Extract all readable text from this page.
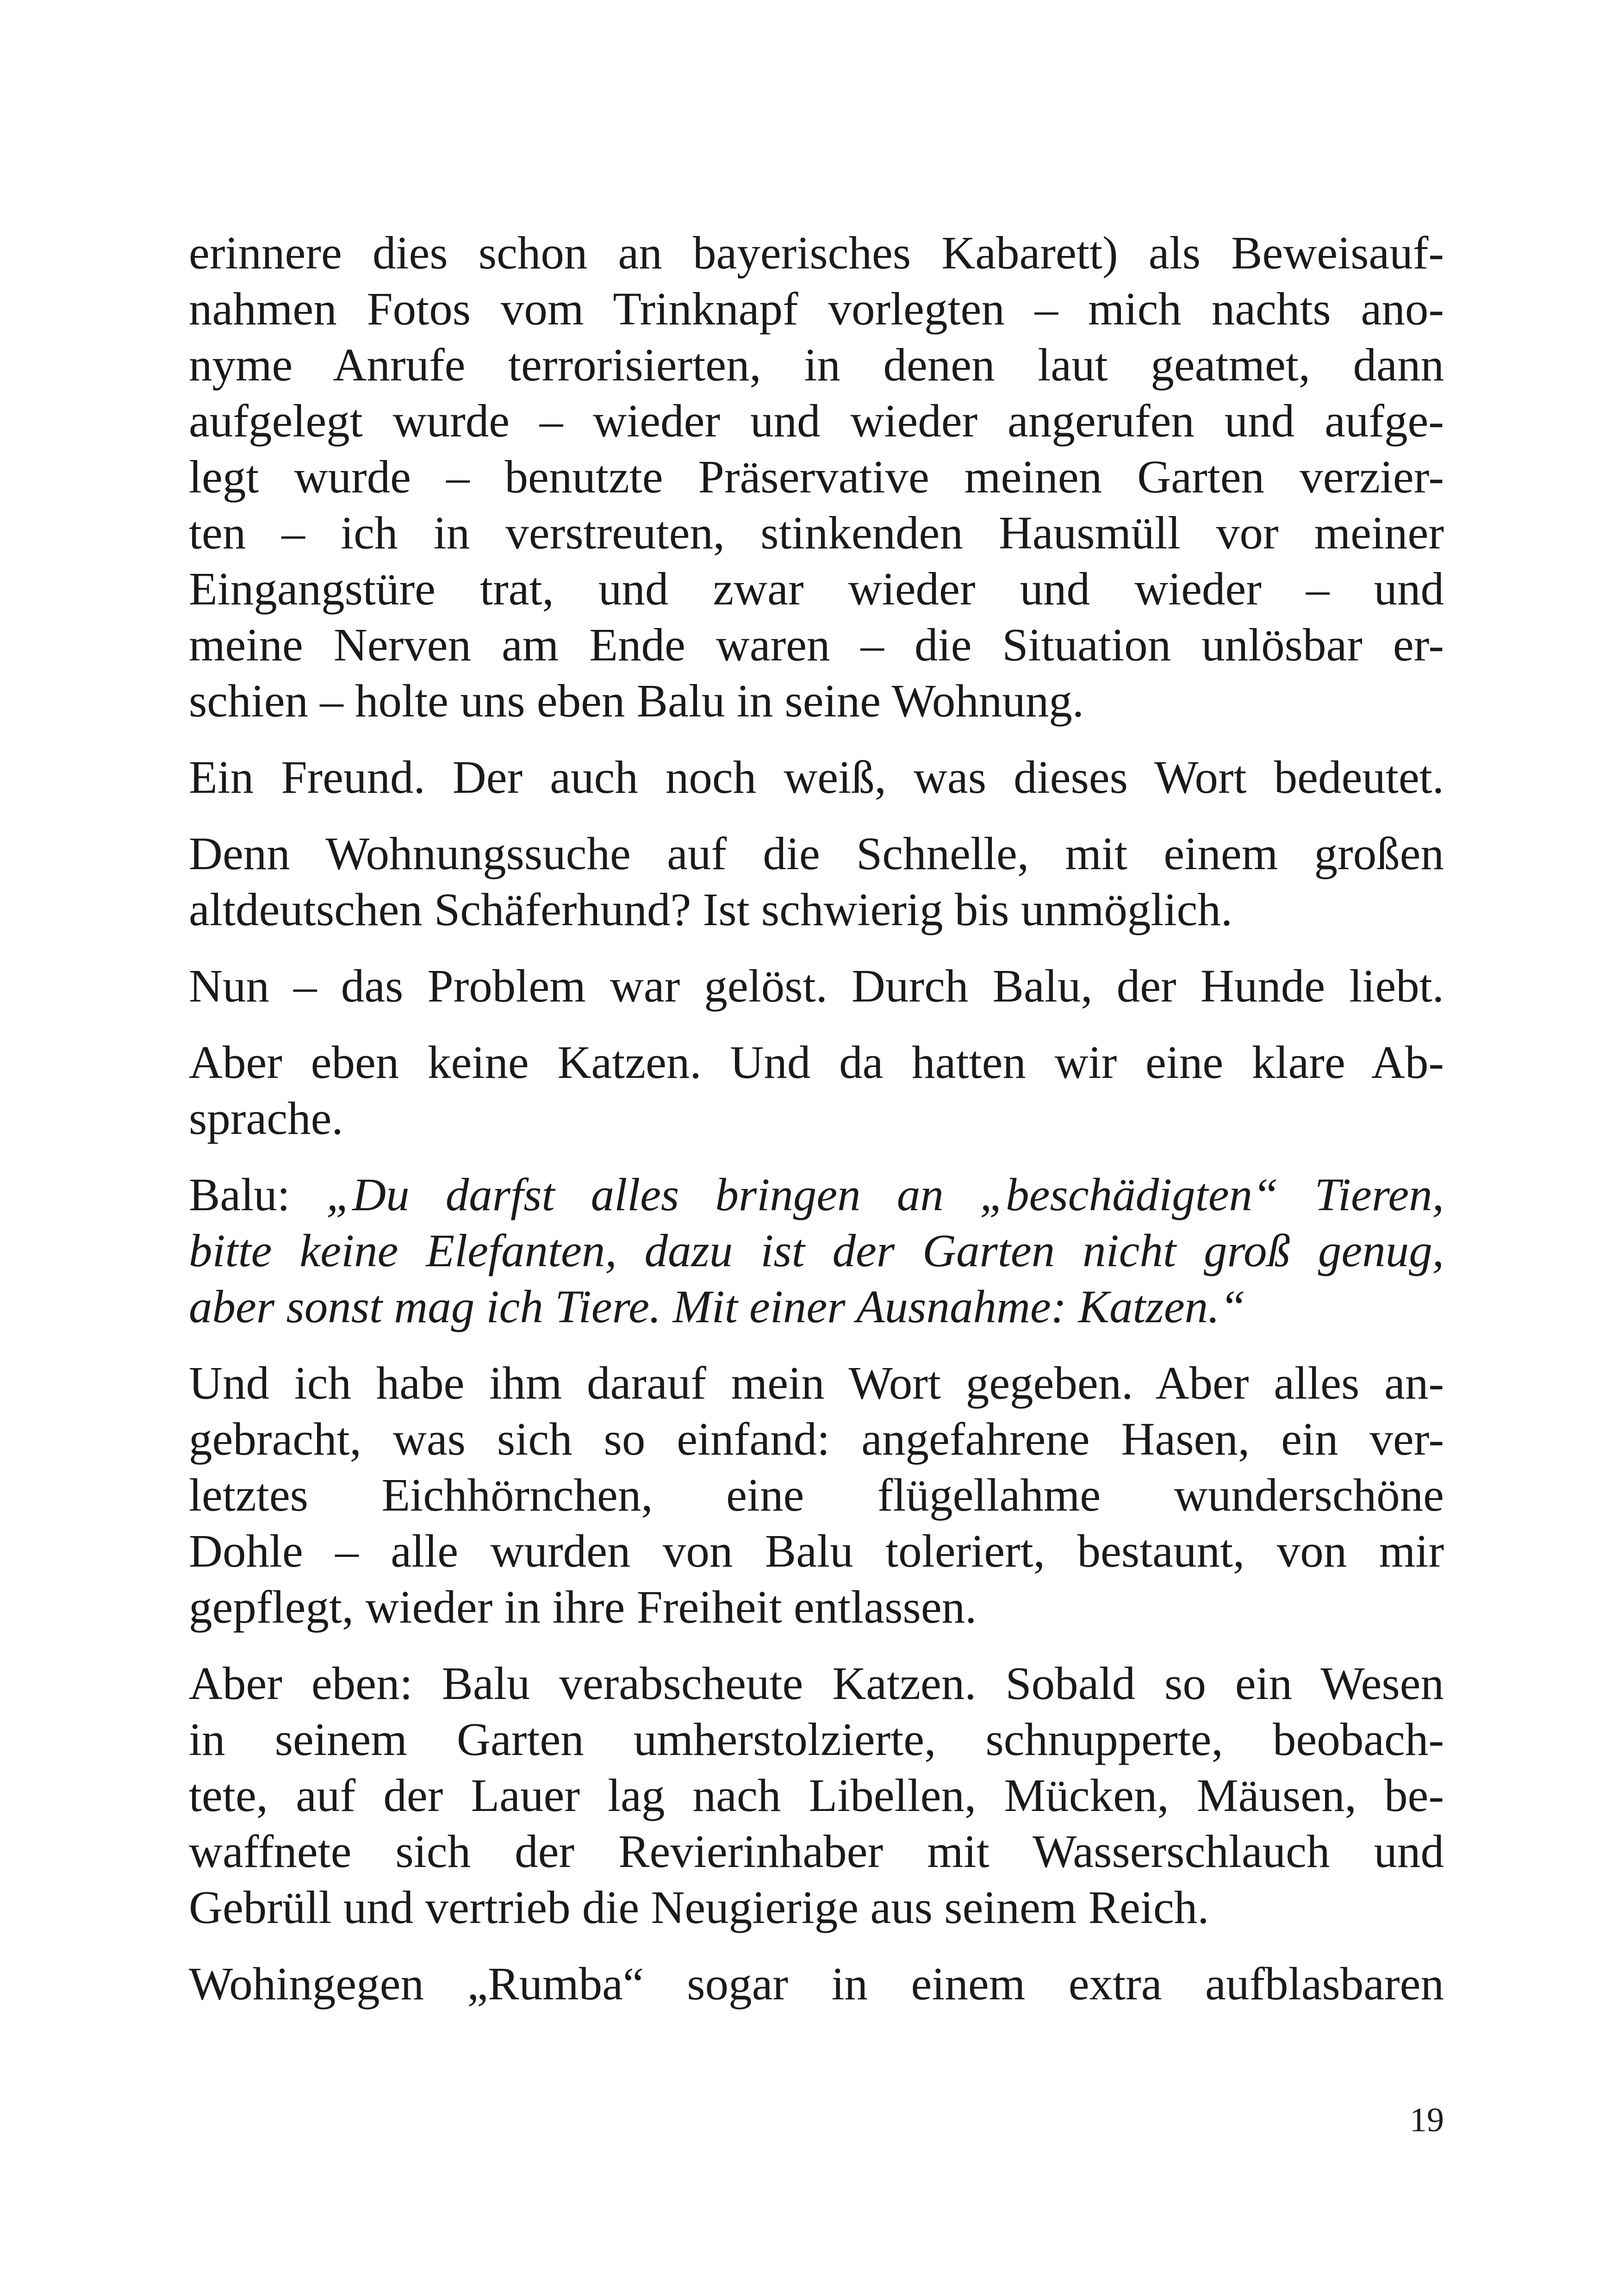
erinnere dies schon an bayerisches Kabarett) als Beweisauf-
nahmen Fotos vom Trinknapf vorlegten – mich nachts ano-
nyme Anrufe terrorisierten, in denen laut geatmet, dann
aufgelegt wurde – wieder und wieder angerufen und aufge-
legt wurde – benutzte Präservative meinen Garten verzier-
ten – ich in verstreuten, stinkenden Hausmüll vor meiner
Eingangstüre trat, und zwar wieder und wieder – und
meine Nerven am Ende waren – die Situation unlösbar er-
schien – holte uns eben Balu in seine Wohnung.

Ein Freund. Der auch noch weiß, was dieses Wort bedeutet.

Denn Wohnungssuche auf die Schnelle, mit einem großen
altdeutschen Schäferhund? Ist schwierig bis unmöglich.

Nun – das Problem war gelöst. Durch Balu, der Hunde liebt.

Aber eben keine Katzen. Und da hatten wir eine klare Ab-
sprache.

Balu: „Du darfst alles bringen an „beschädigten“ Tieren,
bitte keine Elefanten, dazu ist der Garten nicht groß genug,
aber sonst mag ich Tiere. Mit einer Ausnahme: Katzen.“

Und ich habe ihm darauf mein Wort gegeben. Aber alles an-
gebracht, was sich so einfand: angefahrene Hasen, ein ver-
letztes Eichhörnchen, eine flügellahme wunderschöne
Dohle – alle wurden von Balu toleriert, bestaunt, von mir
gepflegt, wieder in ihre Freiheit entlassen.

Aber eben: Balu verabscheute Katzen. Sobald so ein Wesen
in seinem Garten umherstolzierte, schnupperte, beobach-
tete, auf der Lauer lag nach Libellen, Mücken, Mäusen, be-
waffnete sich der Revierinhaber mit Wasserschlauch und
Gebrüll und vertrieb die Neugierige aus seinem Reich.

Wohingegen „Rumba“ sogar in einem extra aufblasbaren

19
